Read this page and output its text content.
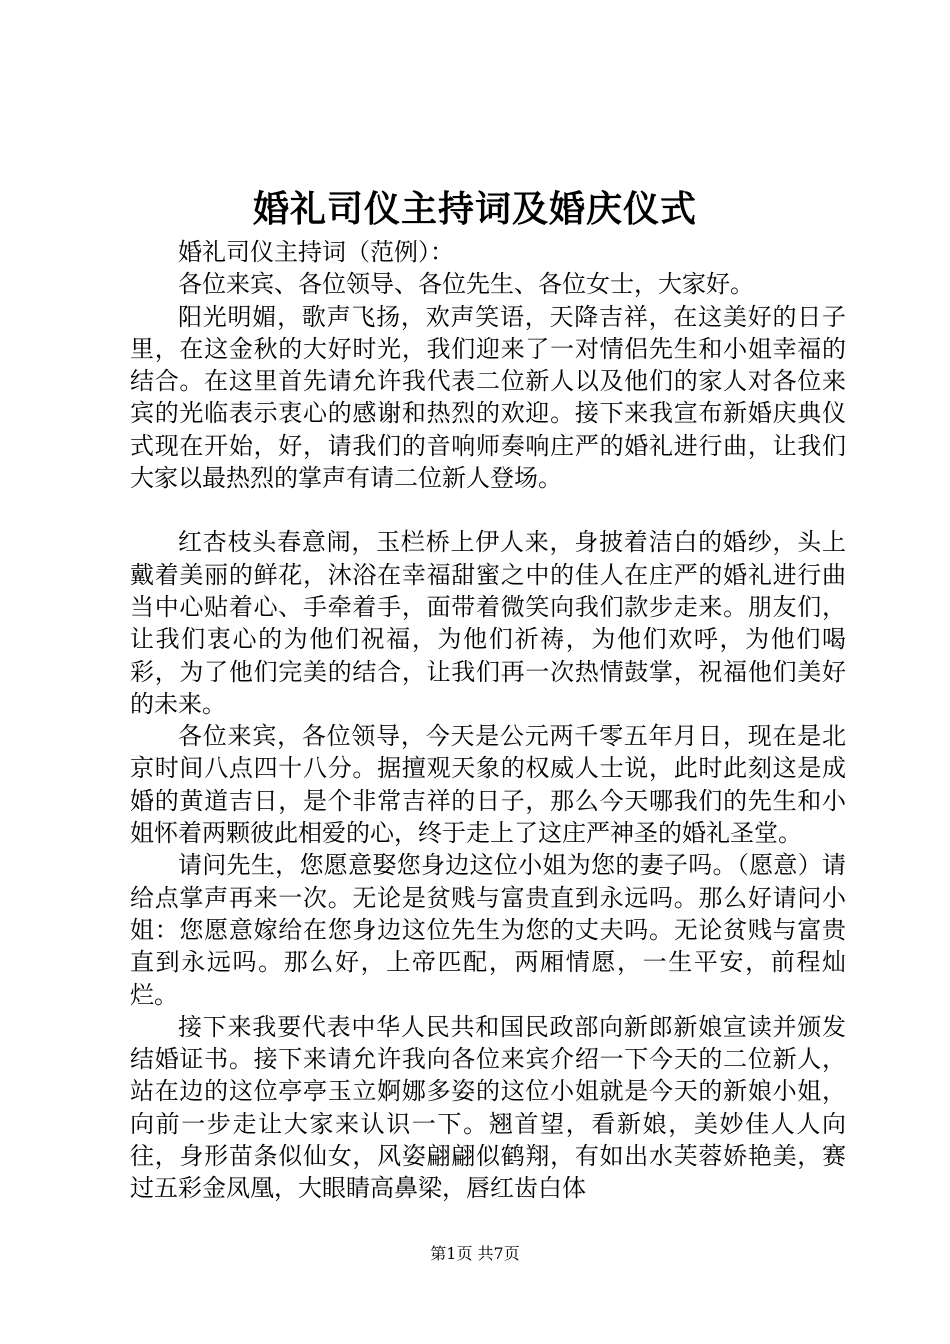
婚礼司仪主持词及婚庆仪式

婚礼司仪主持词（范例）：

各位来宾、各位领导、各位先生、各位女士，大家好。

阳光明媚，歌声飞扬，欢声笑语，天降吉祥，在这美好的日子里，在这金秋的大好时光，我们迎来了一对情侣先生和小姐幸福的结合。在这里首先请允许我代表二位新人以及他们的家人对各位来宾的光临表示衷心的感谢和热烈的欢迎。接下来我宣布新婚庆典仪式现在开始，好，请我们的音响师奏响庄严的婚礼进行曲，让我们大家以最热烈的掌声有请二位新人登场。

红杏枝头春意闹，玉栏桥上伊人来，身披着洁白的婚纱，头上戴着美丽的鲜花，沐浴在幸福甜蜜之中的佳人在庄严的婚礼进行曲当中心贴着心、手牵着手，面带着微笑向我们款步走来。朋友们，让我们衷心的为他们祝福，为他们祈祷，为他们欢呼，为他们喝彩，为了他们完美的结合，让我们再一次热情鼓掌，祝福他们美好的未来。

各位来宾，各位领导，今天是公元两千零五年月日，现在是北京时间八点四十八分。据擅观天象的权威人士说，此时此刻这是成婚的黄道吉日，是个非常吉祥的日子，那么今天哪我们的先生和小姐怀着两颗彼此相爱的心，终于走上了这庄严神圣的婚礼圣堂。

请问先生，您愿意娶您身边这位小姐为您的妻子吗。（愿意）请给点掌声再来一次。无论是贫贱与富贵直到永远吗。那么好请问小姐：您愿意嫁给在您身边这位先生为您的丈夫吗。无论贫贱与富贵直到永远吗。那么好，上帝匹配，两厢情愿，一生平安，前程灿烂。

接下来我要代表中华人民共和国民政部向新郎新娘宣读并颁发结婚证书。接下来请允许我向各位来宾介绍一下今天的二位新人，站在边的这位亭亭玉立婀娜多姿的这位小姐就是今天的新娘小姐，向前一步走让大家来认识一下。翘首望，看新娘，美妙佳人人向往，身形苗条似仙女，风姿翩翩似鹤翔，有如出水芙蓉娇艳美，赛过五彩金凤凰，大眼睛高鼻梁，唇红齿白体

第1页 共7页
